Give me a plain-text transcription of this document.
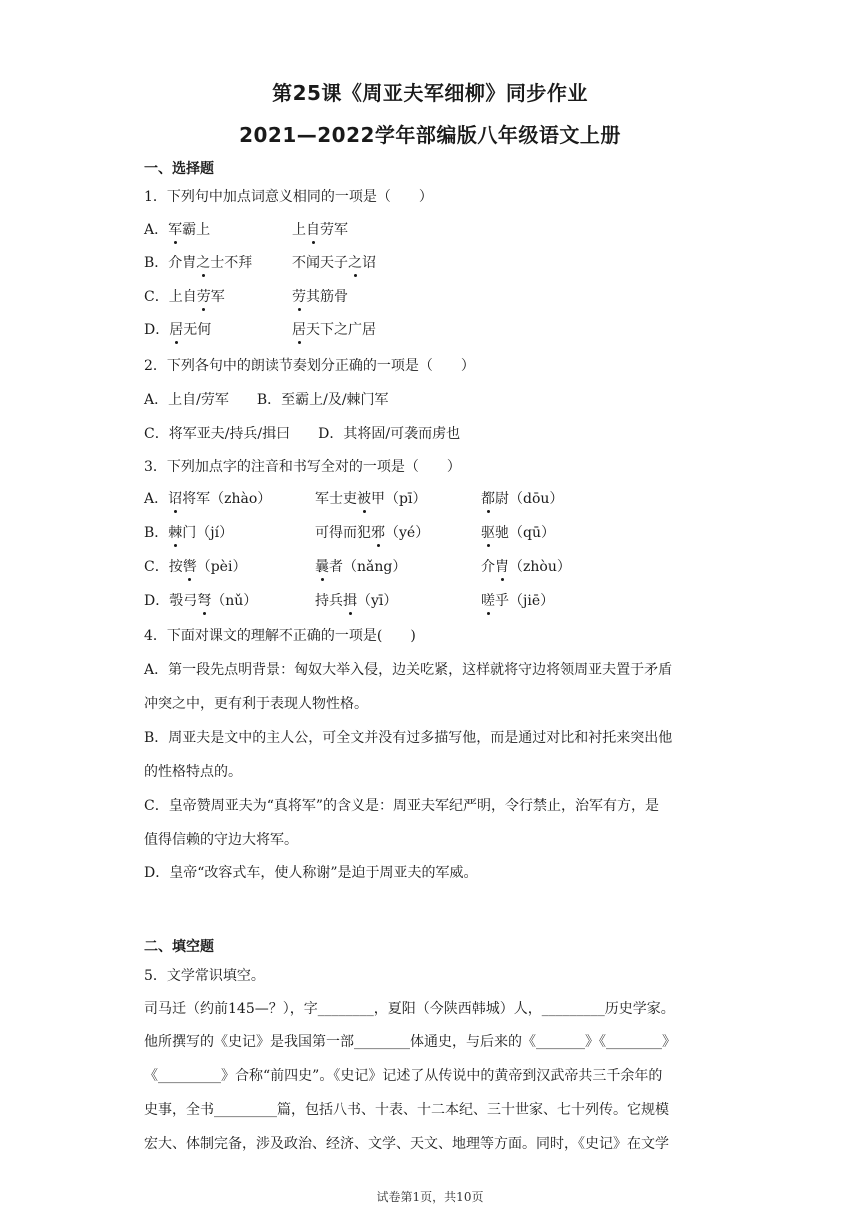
第25课《周亚夫军细柳》同步作业
2021—2022学年部编版八年级语文上册
一、选择题
1．下列句中加点词意义相同的一项是（　　）
A．军霸上	上自劳军
B．介胄之士不拜	不闻天子之诏
C．上自劳军	劳其筋骨
D．居无何	居天下之广居
2．下列各句中的朗读节奏划分正确的一项是（　　）
A．上自/劳军　　B．至霸上/及/棘门军
C．将军亚夫/持兵/揖曰　　D．其将固/可袭而虏也
3．下列加点字的注音和书写全对的一项是（　　）
A．诏将军（zhào）	军士吏被甲（pī）	都尉（dōu）
B．棘门（jí）	可得而犯邪（yé）	驱驰（qū）
C．按辔（pèi）	曩者（nǎng）	介胄（zhòu）
D．彀弓弩（nǔ）	持兵揖（yī）	嗟乎（jiē）
4．下面对课文的理解不正确的一项是(　　)
A．第一段先点明背景：匈奴大举入侵，边关吃紧，这样就将守边将领周亚夫置于矛盾
冲突之中，更有利于表现人物性格。
B．周亚夫是文中的主人公，可全文并没有过多描写他，而是通过对比和衬托来突出他
的性格特点的。
C．皇帝赞周亚夫为“真将军”的含义是：周亚夫军纪严明，令行禁止，治军有方，是
值得信赖的守边大将军。
D．皇帝“改容式车，使人称谢”是迫于周亚夫的军威。
二、填空题
5．文学常识填空。
司马迁（约前145—？），字________，夏阳（今陕西韩城）人，_________历史学家。
他所撰写的《史记》是我国第一部________体通史，与后来的《_______》《________》
《_________》合称“前四史”。《史记》记述了从传说中的黄帝到汉武帝共三千余年的
史事，全书_________篇，包括八书、十表、十二本纪、三十世家、七十列传。它规模
宏大、体制完备，涉及政治、经济、文学、天文、地理等方面。同时，《史记》在文学
试卷第1页，共10页
